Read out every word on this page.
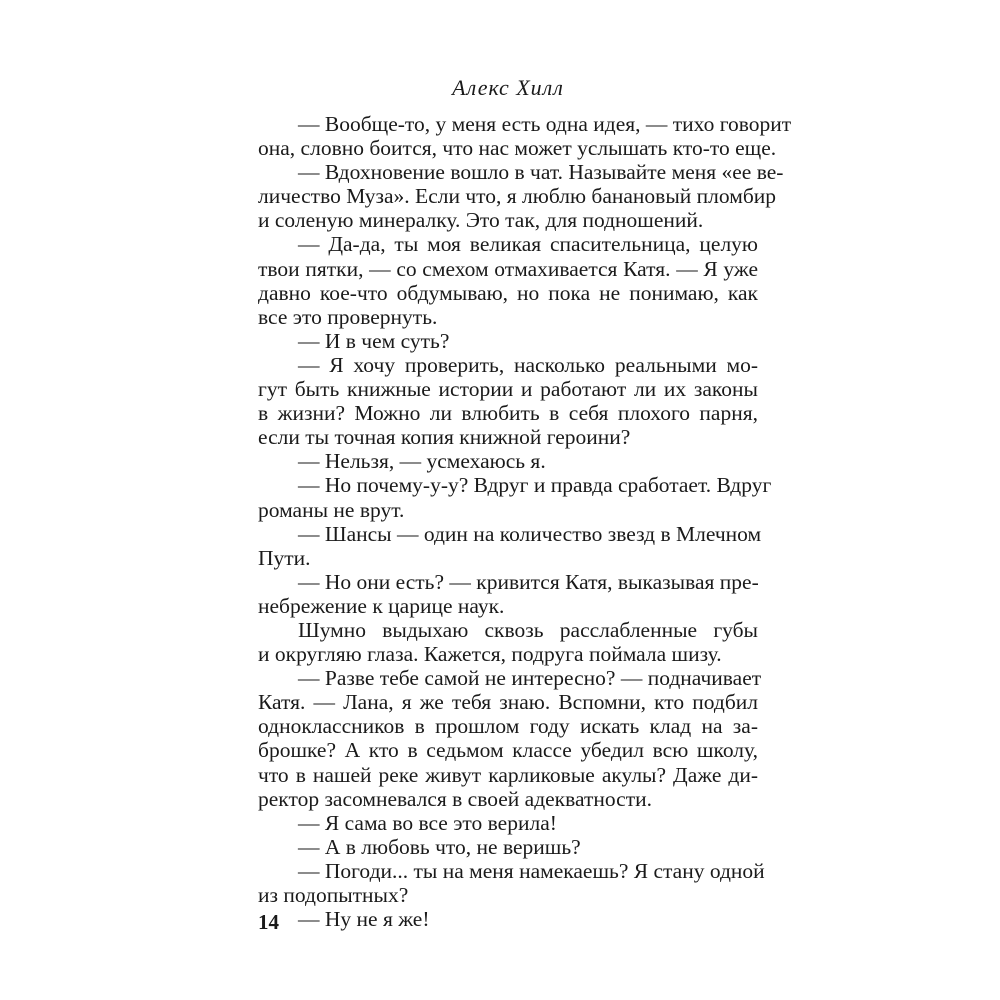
Алекс Хилл
— Вообще-то, у меня есть одна идея, — тихо говорит
она, словно боится, что нас может услышать кто-то еще.
— Вдохновение вошло в чат. Называйте меня «ее ве-
личество Муза». Если что, я люблю банановый пломбир
и соленую минералку. Это так, для подношений.
— Да-да, ты моя великая спасительница, целую
твои пятки, — со смехом отмахивается Катя. — Я уже
давно кое-что обдумываю, но пока не понимаю, как
все это провернуть.
— И в чем суть?
— Я хочу проверить, насколько реальными мо-
гут быть книжные истории и работают ли их законы
в жизни? Можно ли влюбить в себя плохого парня,
если ты точная копия книжной героини?
— Нельзя, — усмехаюсь я.
— Но почему-у-у? Вдруг и правда сработает. Вдруг
романы не врут.
— Шансы — один на количество звезд в Млечном
Пути.
— Но они есть? — кривится Катя, выказывая пре-
небрежение к царице наук.
Шумно выдыхаю сквозь расслабленные губы
и округляю глаза. Кажется, подруга поймала шизу.
— Разве тебе самой не интересно? — подначивает
Катя. — Лана, я же тебя знаю. Вспомни, кто подбил
одноклассников в прошлом году искать клад на за-
брошке? А кто в седьмом классе убедил всю школу,
что в нашей реке живут карликовые акулы? Даже ди-
ректор засомневался в своей адекватности.
— Я сама во все это верила!
— А в любовь что, не веришь?
— Погоди... ты на меня намекаешь? Я стану одной
из подопытных?
— Ну не я же!
14
